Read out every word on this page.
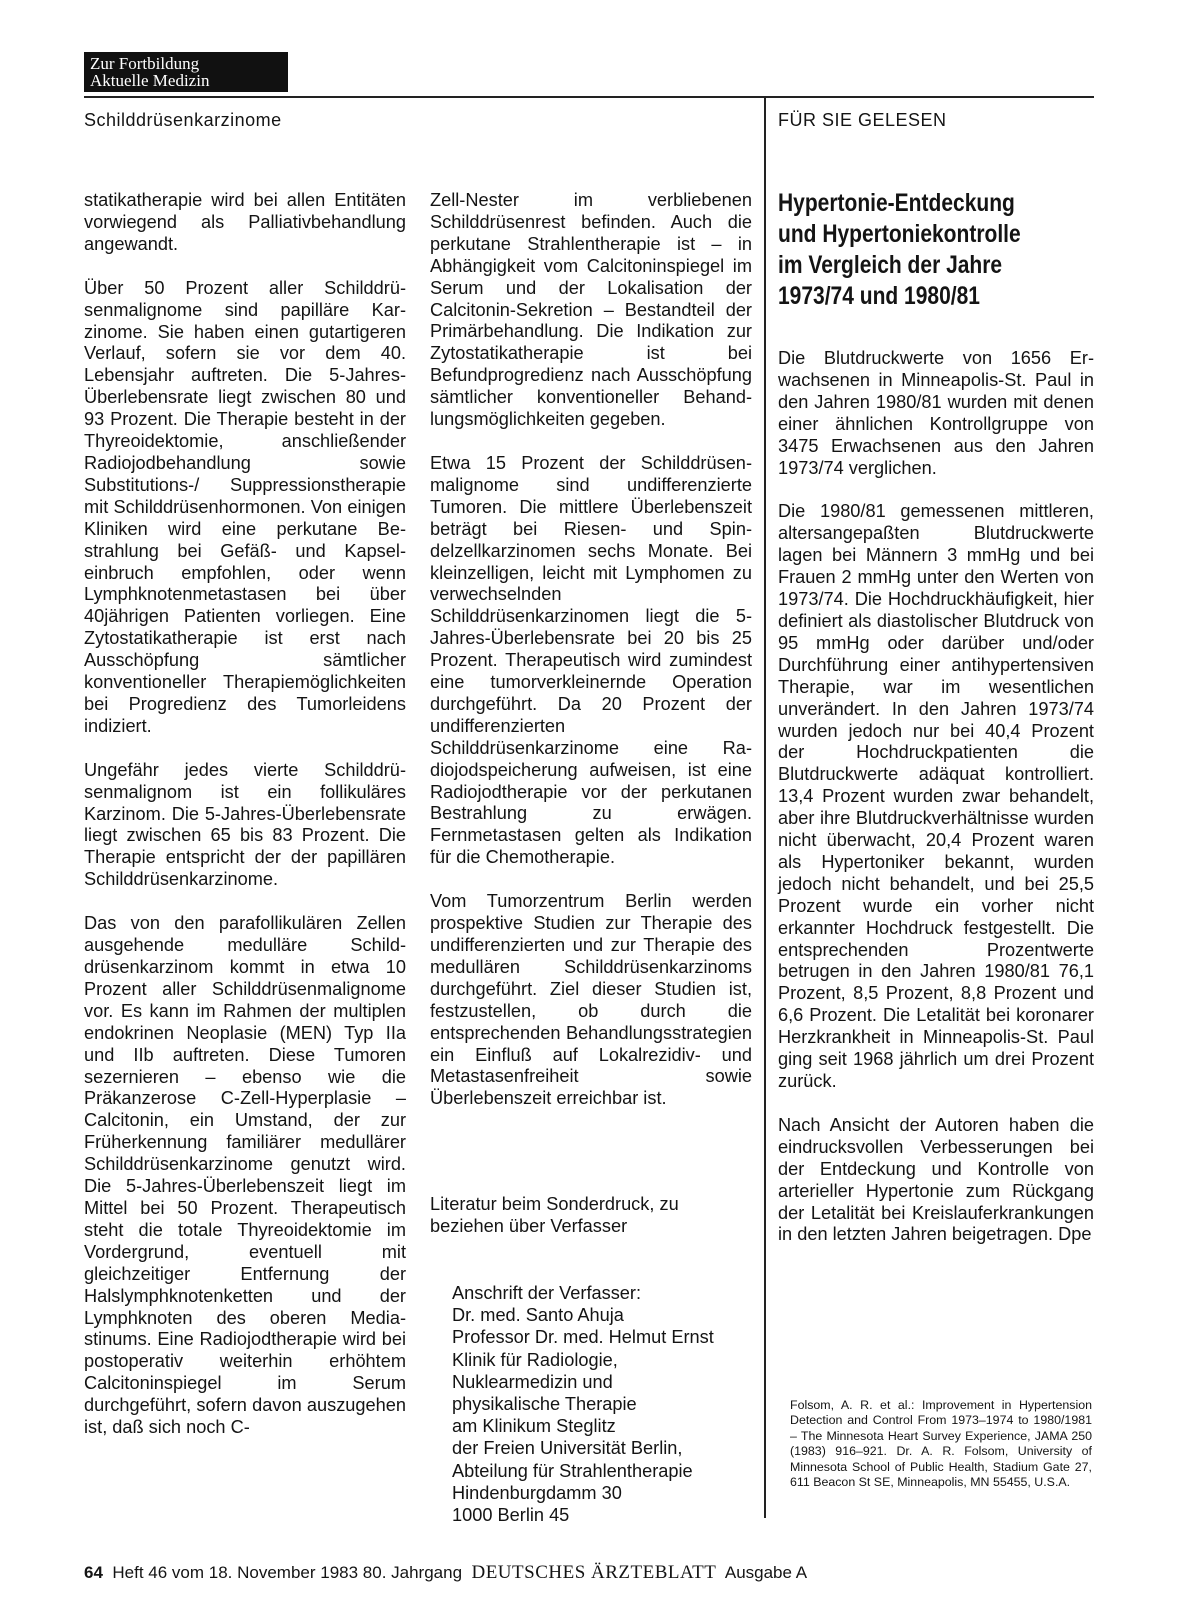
Zur Fortbildung
Aktuelle Medizin
Schilddrüsenkarzinome	FÜR SIE GELESEN

statikatherapie wird bei allen Entitäten vorwiegend als Palliativbehandlung angewandt.

Über 50 Prozent aller Schilddrüsenmalignome sind papilläre Karzinome. Sie haben einen gutartigeren Verlauf, sofern sie vor dem 40. Lebensjahr auftreten. Die 5-Jahres-Überlebensrate liegt zwischen 80 und 93 Prozent. Die Therapie besteht in der Thyreoidektomie, anschließender Radiojodbehandlung sowie Substitutions-/ Suppressionstherapie mit Schilddrüsenhormonen. Von einigen Kliniken wird eine perkutane Bestrahlung bei Gefäß- und Kapseleinbruch empfohlen, oder wenn Lymphknotenmetastasen bei über 40jährigen Patienten vorliegen. Eine Zytostatikatherapie ist erst nach Ausschöpfung sämtlicher konventioneller Therapiemöglichkeiten bei Progredienz des Tumorleidens indiziert.

Ungefähr jedes vierte Schilddrüsenmalignom ist ein follikuläres Karzinom. Die 5-Jahres-Überlebensrate liegt zwischen 65 bis 83 Prozent. Die Therapie entspricht der der papillären Schilddrüsenkarzinome.

Das von den parafollikulären Zellen ausgehende medulläre Schilddrüsenkarzinom kommt in etwa 10 Prozent aller Schilddrüsenmalignome vor. Es kann im Rahmen der multiplen endokrinen Neoplasie (MEN) Typ IIa und IIb auftreten. Diese Tumoren sezernieren – ebenso wie die Präkanzerose C-Zell-Hyperplasie – Calcitonin, ein Umstand, der zur Früherkennung familiärer medullärer Schilddrüsenkarzinome genutzt wird. Die 5-Jahres-Überlebenszeit liegt im Mittel bei 50 Prozent. Therapeutisch steht die totale Thyreoidektomie im Vordergrund, eventuell mit gleichzeitiger Entfernung der Halslymphknotenketten und der Lymphknoten des oberen Mediastinums. Eine Radiojodtherapie wird bei postoperativ weiterhin erhöhtem Calcitoninspiegel im Serum durchgeführt, sofern davon auszugehen ist, daß sich noch C-

Zell-Nester im verbliebenen Schilddrüsenrest befinden. Auch die perkutane Strahlentherapie ist – in Abhängigkeit vom Calcitoninspiegel im Serum und der Lokalisation der Calcitonin-Sekretion – Bestandteil der Primärbehandlung. Die Indikation zur Zytostatikatherapie ist bei Befundprogredienz nach Ausschöpfung sämtlicher konventioneller Behandlungsmöglichkeiten gegeben.

Etwa 15 Prozent der Schilddrüsenmalignome sind undifferenzierte Tumoren. Die mittlere Überlebenszeit beträgt bei Riesen- und Spindelzellkarzinomen sechs Monate. Bei kleinzelligen, leicht mit Lymphomen zu verwechselnden Schilddrüsenkarzinomen liegt die 5-Jahres-Überlebensrate bei 20 bis 25 Prozent. Therapeutisch wird zumindest eine tumorverkleinernde Operation durchgeführt. Da 20 Prozent der undifferenzierten Schilddrüsenkarzinome eine Radiojodspeicherung aufweisen, ist eine Radiojodtherapie vor der perkutanen Bestrahlung zu erwägen. Fernmetastasen gelten als Indikation für die Chemotherapie.

Vom Tumorzentrum Berlin werden prospektive Studien zur Therapie des undifferenzierten und zur Therapie des medullären Schilddrüsenkarzinoms durchgeführt. Ziel dieser Studien ist, festzustellen, ob durch die entsprechenden Behandlungsstrategien ein Einfluß auf Lokalrezidiv- und Metastasenfreiheit sowie Überlebenszeit erreichbar ist.

Literatur beim Sonderdruck, zu beziehen über Verfasser
Anschrift der Verfasser:
Dr. med. Santo Ahuja
Professor Dr. med. Helmut Ernst
Klinik für Radiologie,
Nuklearmedizin und
physikalische Therapie
am Klinikum Steglitz
der Freien Universität Berlin,
Abteilung für Strahlentherapie
Hindenburgdamm 30
1000 Berlin 45
Hypertonie-Entdeckung
und Hypertoniekontrolle
im Vergleich der Jahre
1973/74 und 1980/81

Die Blutdruckwerte von 1656 Erwachsenen in Minneapolis-St. Paul in den Jahren 1980/81 wurden mit denen einer ähnlichen Kontrollgruppe von 3475 Erwachsenen aus den Jahren 1973/74 verglichen.

Die 1980/81 gemessenen mittleren, altersangepaßten Blutdruckwerte lagen bei Männern 3 mmHg und bei Frauen 2 mmHg unter den Werten von 1973/74. Die Hochdruckhäufigkeit, hier definiert als diastolischer Blutdruck von 95 mmHg oder darüber und/oder Durchführung einer antihypertensiven Therapie, war im wesentlichen unverändert. In den Jahren 1973/74 wurden jedoch nur bei 40,4 Prozent der Hochdruckpatienten die Blutdruckwerte adäquat kontrolliert. 13,4 Prozent wurden zwar behandelt, aber ihre Blutdruckverhältnisse wurden nicht überwacht, 20,4 Prozent waren als Hypertoniker bekannt, wurden jedoch nicht behandelt, und bei 25,5 Prozent wurde ein vorher nicht erkannter Hochdruck festgestellt. Die entsprechenden Prozentwerte betrugen in den Jahren 1980/81 76,1 Prozent, 8,5 Prozent, 8,8 Prozent und 6,6 Prozent. Die Letalität bei koronarer Herzkrankheit in Minneapolis-St. Paul ging seit 1968 jährlich um drei Prozent zurück.

Nach Ansicht der Autoren haben die eindrucksvollen Verbesserungen bei der Entdeckung und Kontrolle von arterieller Hypertonie zum Rückgang der Letalität bei Kreislauferkrankungen in den letzten Jahren beigetragen. Dpe

Folsom, A. R. et al.: Improvement in Hypertension Detection and Control From 1973–1974 to 1980/1981 – The Minnesota Heart Survey Experience, JAMA 250 (1983) 916–921. Dr. A. R. Folsom, University of Minnesota School of Public Health, Stadium Gate 27, 611 Beacon St SE, Minneapolis, MN 55455, U.S.A.
64 Heft 46 vom 18. November 1983 80. Jahrgang DEUTSCHES ÄRZTEBLATT Ausgabe A
